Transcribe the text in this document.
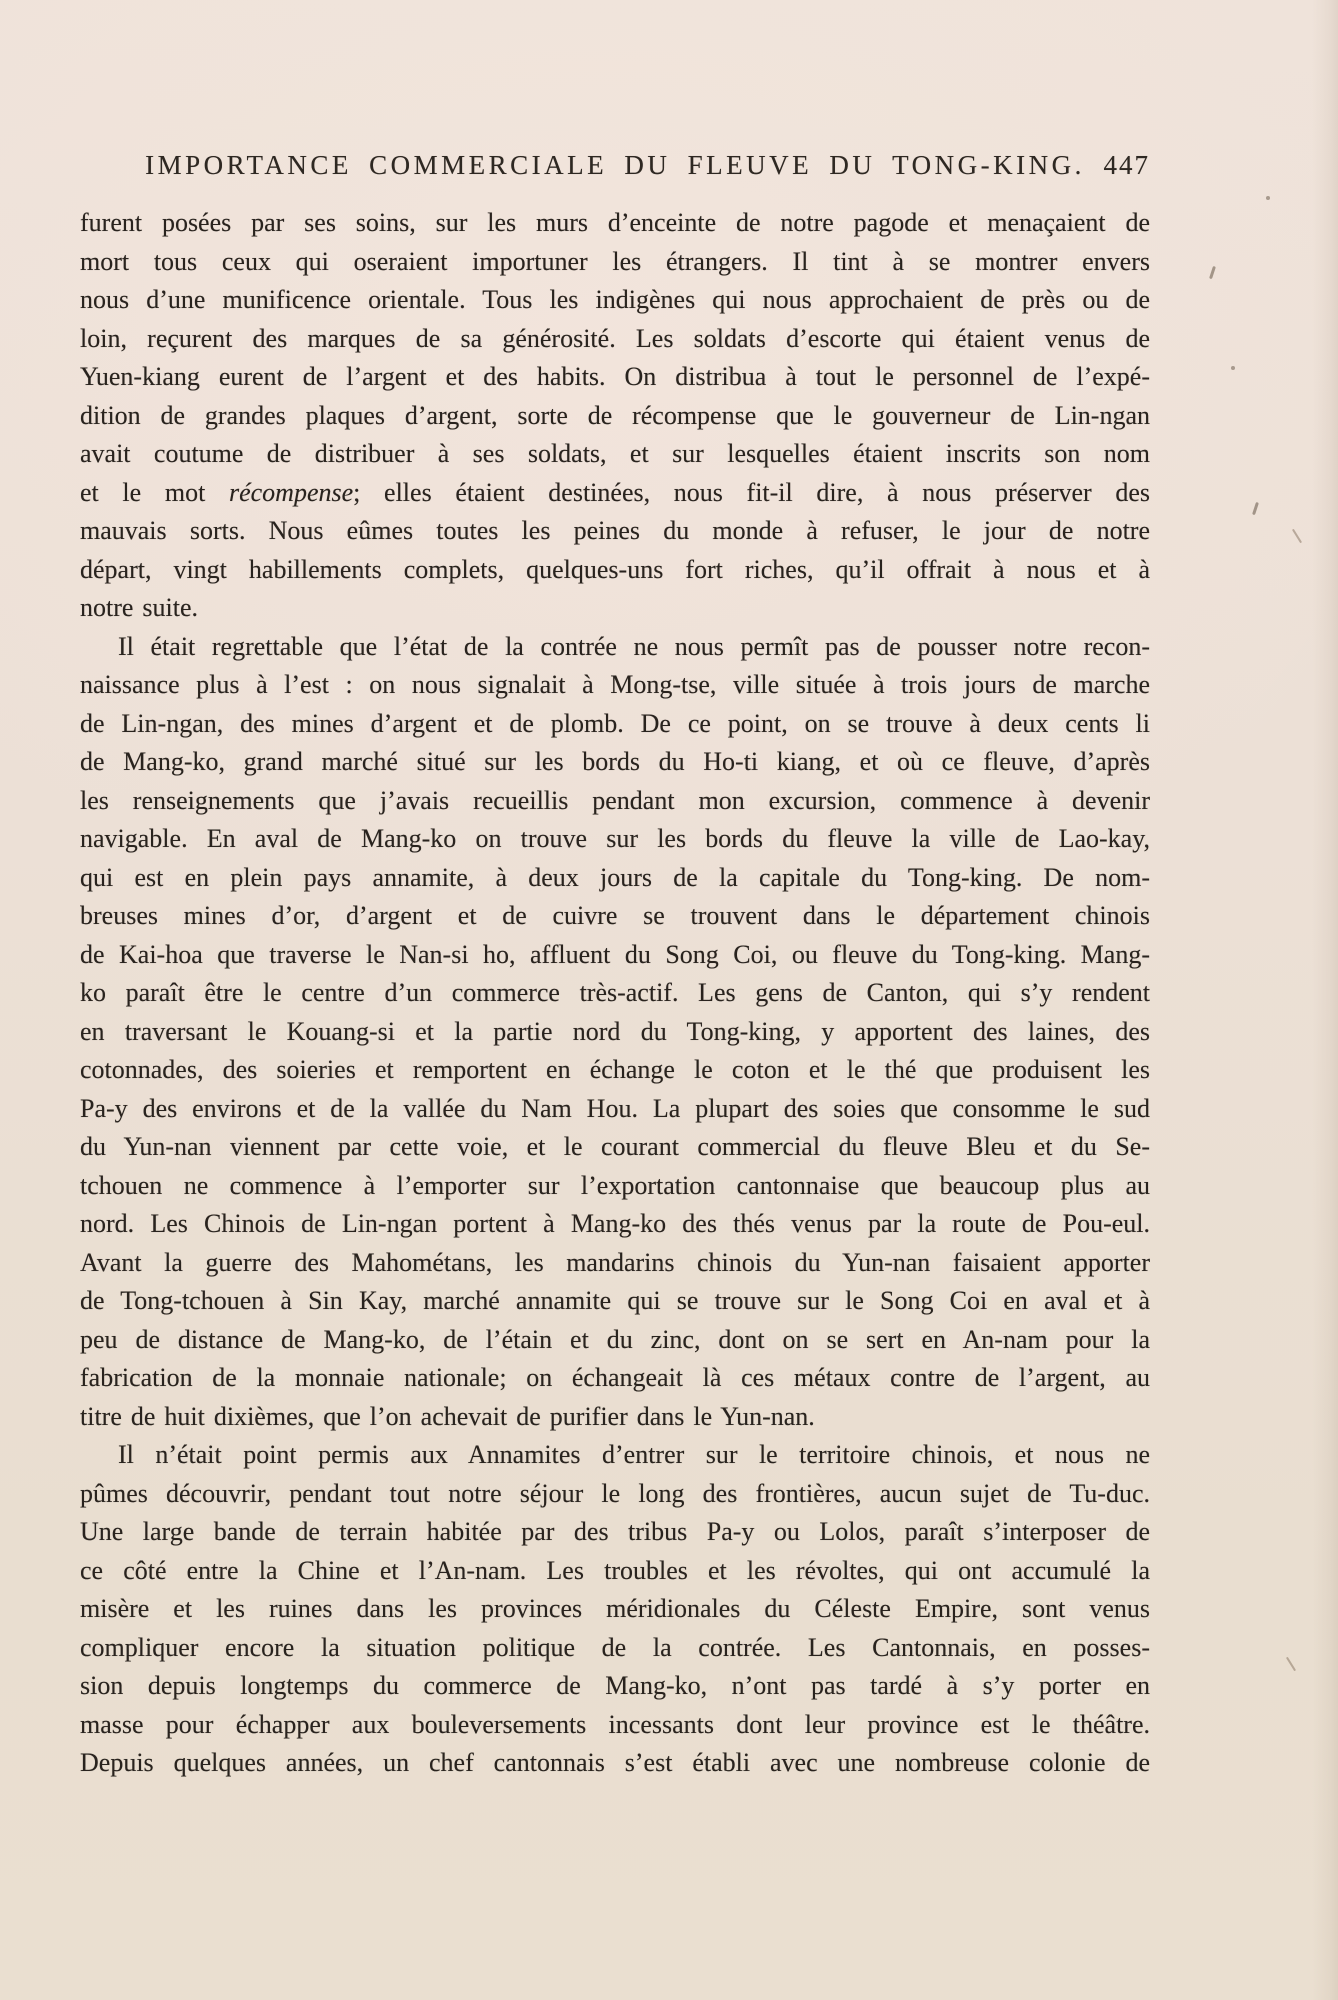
IMPORTANCE COMMERCIALE DU FLEUVE DU TONG-KING. 447
furent posées par ses soins, sur les murs d’enceinte de notre pagode et menaçaient de
mort tous ceux qui oseraient importuner les étrangers. Il tint à se montrer envers
nous d’une munificence orientale. Tous les indigènes qui nous approchaient de près ou de
loin, reçurent des marques de sa générosité. Les soldats d’escorte qui étaient venus de
Yuen-kiang eurent de l’argent et des habits. On distribua à tout le personnel de l’expé-
dition de grandes plaques d’argent, sorte de récompense que le gouverneur de Lin-ngan
avait coutume de distribuer à ses soldats, et sur lesquelles étaient inscrits son nom
et le mot récompense; elles étaient destinées, nous fit-il dire, à nous préserver des
mauvais sorts. Nous eûmes toutes les peines du monde à refuser, le jour de notre
départ, vingt habillements complets, quelques-uns fort riches, qu’il offrait à nous et à
notre suite.
Il était regrettable que l’état de la contrée ne nous permît pas de pousser notre recon-
naissance plus à l’est : on nous signalait à Mong-tse, ville située à trois jours de marche
de Lin-ngan, des mines d’argent et de plomb. De ce point, on se trouve à deux cents li
de Mang-ko, grand marché situé sur les bords du Ho-ti kiang, et où ce fleuve, d’après
les renseignements que j’avais recueillis pendant mon excursion, commence à devenir
navigable. En aval de Mang-ko on trouve sur les bords du fleuve la ville de Lao-kay,
qui est en plein pays annamite, à deux jours de la capitale du Tong-king. De nom-
breuses mines d’or, d’argent et de cuivre se trouvent dans le département chinois
de Kai-hoa que traverse le Nan-si ho, affluent du Song Coi, ou fleuve du Tong-king. Mang-
ko paraît être le centre d’un commerce très-actif. Les gens de Canton, qui s’y rendent
en traversant le Kouang-si et la partie nord du Tong-king, y apportent des laines, des
cotonnades, des soieries et remportent en échange le coton et le thé que produisent les
Pa-y des environs et de la vallée du Nam Hou. La plupart des soies que consomme le sud
du Yun-nan viennent par cette voie, et le courant commercial du fleuve Bleu et du Se-
tchouen ne commence à l’emporter sur l’exportation cantonnaise que beaucoup plus au
nord. Les Chinois de Lin-ngan portent à Mang-ko des thés venus par la route de Pou-eul.
Avant la guerre des Mahométans, les mandarins chinois du Yun-nan faisaient apporter
de Tong-tchouen à Sin Kay, marché annamite qui se trouve sur le Song Coi en aval et à
peu de distance de Mang-ko, de l’étain et du zinc, dont on se sert en An-nam pour la
fabrication de la monnaie nationale; on échangeait là ces métaux contre de l’argent, au
titre de huit dixièmes, que l’on achevait de purifier dans le Yun-nan.
Il n’était point permis aux Annamites d’entrer sur le territoire chinois, et nous ne
pûmes découvrir, pendant tout notre séjour le long des frontières, aucun sujet de Tu-duc.
Une large bande de terrain habitée par des tribus Pa-y ou Lolos, paraît s’interposer de
ce côté entre la Chine et l’An-nam. Les troubles et les révoltes, qui ont accumulé la
misère et les ruines dans les provinces méridionales du Céleste Empire, sont venus
compliquer encore la situation politique de la contrée. Les Cantonnais, en posses-
sion depuis longtemps du commerce de Mang-ko, n’ont pas tardé à s’y porter en
masse pour échapper aux bouleversements incessants dont leur province est le théâtre.
Depuis quelques années, un chef cantonnais s’est établi avec une nombreuse colonie de
